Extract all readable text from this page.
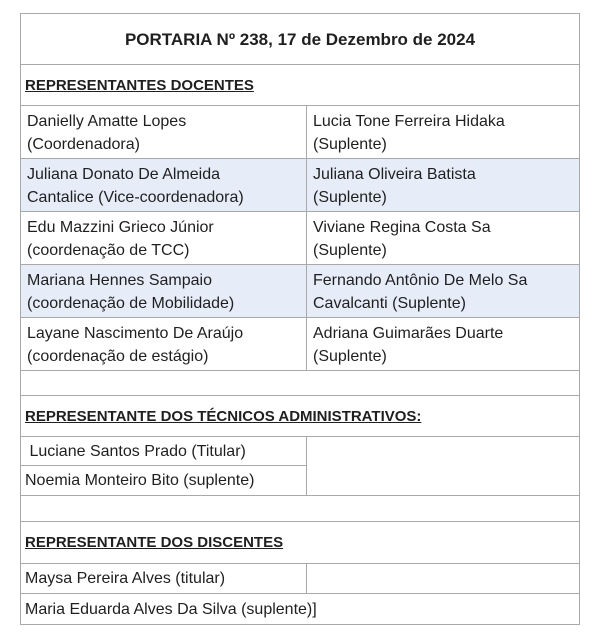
PORTARIA Nº 238, 17 de Dezembro de 2024
REPRESENTANTES DOCENTES
Danielly Amatte Lopes
(Coordenadora)
Lucia Tone Ferreira Hidaka
(Suplente)
Juliana Donato De Almeida
Cantalice (Vice-coordenadora)
Juliana Oliveira Batista
(Suplente)
Edu Mazzini Grieco Júnior
(coordenação de TCC)
Viviane Regina Costa Sa
(Suplente)
Mariana Hennes Sampaio
(coordenação de Mobilidade)
Fernando Antônio De Melo Sa
Cavalcanti (Suplente)
Layane Nascimento De Araújo
(coordenação de estágio)
Adriana Guimarães Duarte
(Suplente)
REPRESENTANTE DOS TÉCNICOS ADMINISTRATIVOS:
Luciane Santos Prado (Titular)
Noemia Monteiro Bito (suplente)
REPRESENTANTE DOS DISCENTES
Maysa Pereira Alves (titular)
Maria Eduarda Alves Da Silva (suplente)]
